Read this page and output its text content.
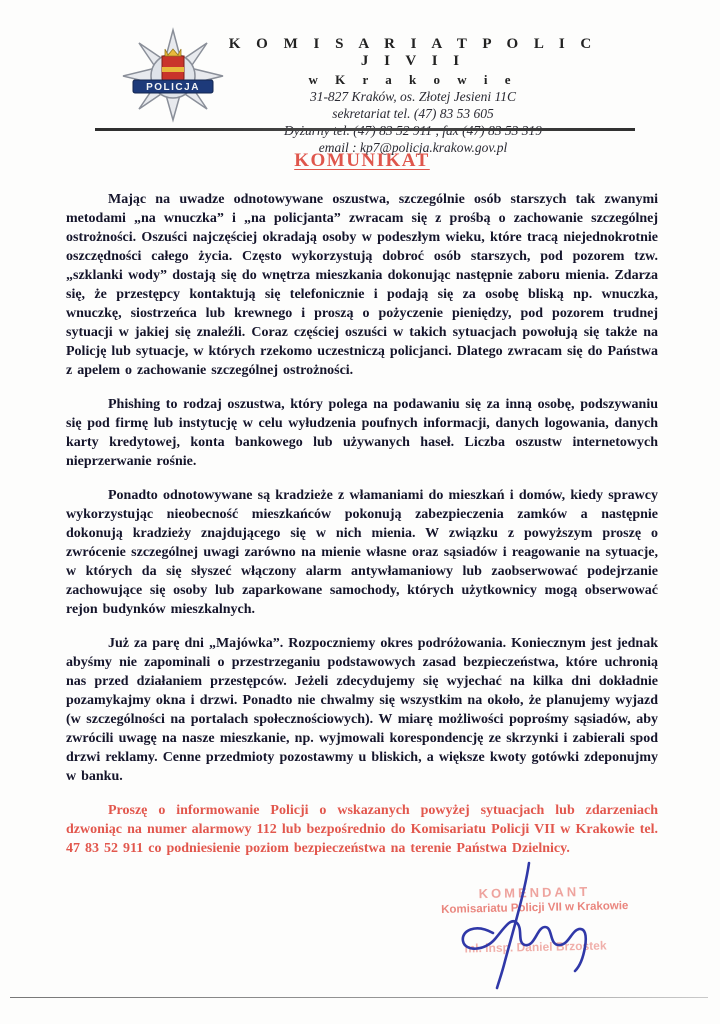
POLICJA
K O M I S A R I A T P O L I C J I V I I
w K r a k o w i e
31-827 Kraków, os. Złotej Jesieni 11C
sekretariat tel. (47) 83 53 605
email : kp7@policja.krakow.gov.pl
KOMUNIKAT

Mając na uwadze odnotowywane oszustwa, szczególnie osób starszych tak zwanymi metodami „na wnuczka” i „na policjanta” zwracam się z prośbą o zachowanie szczególnej ostrożności. Oszuści najczęściej okradają osoby w podeszłym wieku, które tracą niejednokrotnie oszczędności całego życia. Często wykorzystują dobroć osób starszych, pod pozorem tzw. „szklanki wody” dostają się do wnętrza mieszkania dokonując następnie zaboru mienia. Zdarza się, że przestępcy kontaktują się telefonicznie i podają się za osobę bliską np. wnuczka, wnuczkę, siostrzeńca lub krewnego i proszą o pożyczenie pieniędzy, pod pozorem trudnej sytuacji w jakiej się znaleźli. Coraz częściej oszuści w takich sytuacjach powołują się także na Policję lub sytuacje, w których rzekomo uczestniczą policjanci. Dlatego zwracam się do Państwa z apelem o zachowanie szczególnej ostrożności.

Phishing to rodzaj oszustwa, który polega na podawaniu się za inną osobę, podszywaniu się pod firmę lub instytucję w celu wyłudzenia poufnych informacji, danych logowania, danych karty kredytowej, konta bankowego lub używanych haseł. Liczba oszustw internetowych nieprzerwanie rośnie.

Ponadto odnotowywane są kradzieże z włamaniami do mieszkań i domów, kiedy sprawcy wykorzystując nieobecność mieszkańców pokonują zabezpieczenia zamków a następnie dokonują kradzieży znajdującego się w nich mienia. W związku z powyższym proszę o zwrócenie szczególnej uwagi zarówno na mienie własne oraz sąsiadów i reagowanie na sytuacje, w których da się słyszeć włączony alarm antywłamaniowy lub zaobserwować podejrzanie zachowujące się osoby lub zaparkowane samochody, których użytkownicy mogą obserwować rejon budynków mieszkalnych.

Już za parę dni „Majówka”. Rozpoczniemy okres podróżowania. Koniecznym jest jednak abyśmy nie zapominali o przestrzeganiu podstawowych zasad bezpieczeństwa, które uchronią nas przed działaniem przestępców. Jeżeli zdecydujemy się wyjechać na kilka dni dokładnie pozamykajmy okna i drzwi. Ponadto nie chwalmy się wszystkim na około, że planujemy wyjazd (w szczególności na portalach społecznościowych). W miarę możliwości poprośmy sąsiadów, aby zwrócili uwagę na nasze mieszkanie, np. wyjmowali korespondencję ze skrzynki i zabierali spod drzwi reklamy. Cenne przedmioty pozostawmy u bliskich, a większe kwoty gotówki zdeponujmy w banku.

Proszę o informowanie Policji o wskazanych powyżej sytuacjach lub zdarzeniach dzwoniąc na numer alarmowy 112 lub bezpośrednio do Komisariatu Policji VII w Krakowie tel. 47 83 52 911 co podniesienie poziom bezpieczeństwa na terenie Państwa Dzielnicy.

KOMENDANT
Komisariatu Policji VII w Krakowie
mł. insp. Daniel Brzostek
